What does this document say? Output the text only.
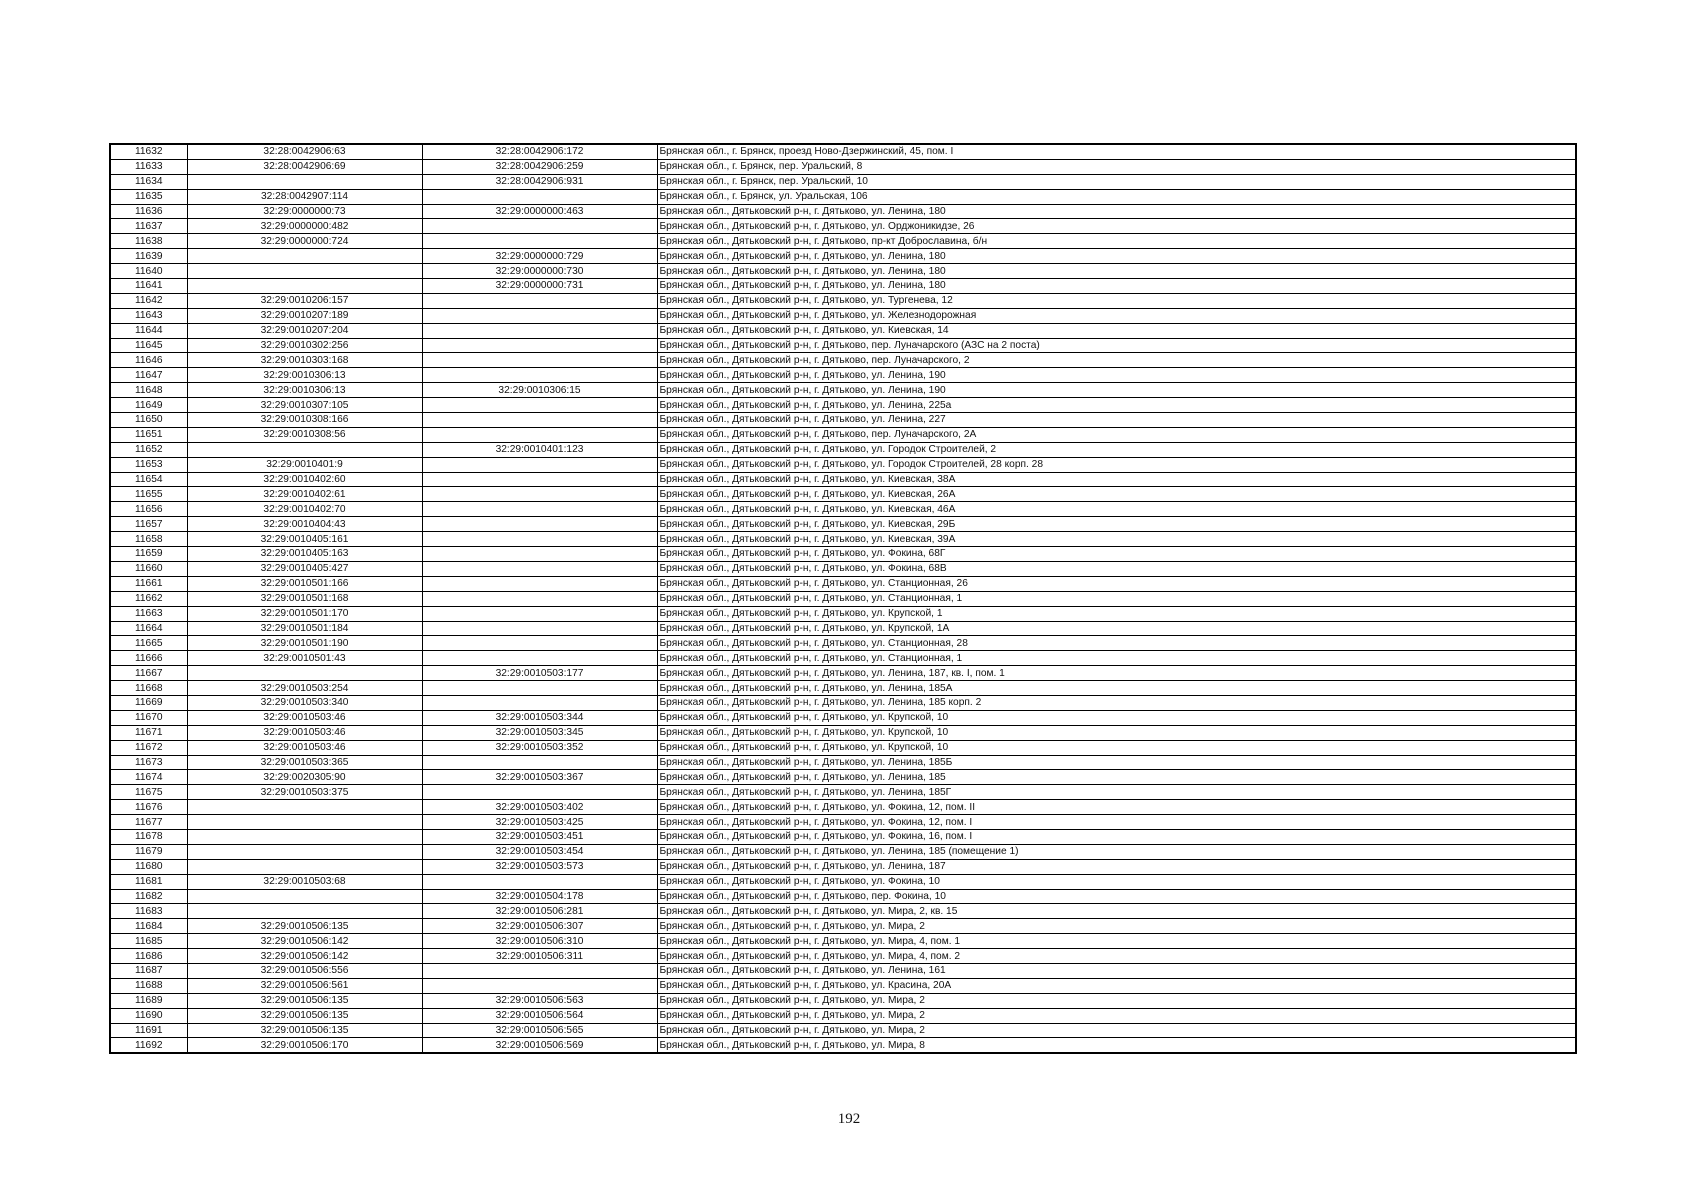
11632	32:28:0042906:63	32:28:0042906:172	Брянская обл., г. Брянск, проезд Ново-Дзержинский, 45, пом. I
11633	32:28:0042906:69	32:28:0042906:259	Брянская обл., г. Брянск, пер. Уральский, 8
11634		32:28:0042906:931	Брянская обл., г. Брянск, пер. Уральский, 10
11635	32:28:0042907:114		Брянская обл., г. Брянск, ул. Уральская, 106
11636	32:29:0000000:73	32:29:0000000:463	Брянская обл., Дятьковский р-н, г. Дятьково, ул. Ленина, 180
11637	32:29:0000000:482		Брянская обл., Дятьковский р-н, г. Дятьково, ул. Орджоникидзе, 26
11638	32:29:0000000:724		Брянская обл., Дятьковский р-н, г. Дятьково, пр-кт Доброславина, б/н
11639		32:29:0000000:729	Брянская обл., Дятьковский р-н, г. Дятьково, ул. Ленина, 180
11640		32:29:0000000:730	Брянская обл., Дятьковский р-н, г. Дятьково, ул. Ленина, 180
11641		32:29:0000000:731	Брянская обл., Дятьковский р-н, г. Дятьково, ул. Ленина, 180
11642	32:29:0010206:157		Брянская обл., Дятьковский р-н, г. Дятьково, ул. Тургенева, 12
11643	32:29:0010207:189		Брянская обл., Дятьковский р-н, г. Дятьково, ул. Железнодорожная
11644	32:29:0010207:204		Брянская обл., Дятьковский р-н, г. Дятьково, ул. Киевская, 14
11645	32:29:0010302:256		Брянская обл., Дятьковский р-н, г. Дятьково, пер. Луначарского (АЗС на 2 поста)
11646	32:29:0010303:168		Брянская обл., Дятьковский р-н, г. Дятьково, пер. Луначарского, 2
11647	32:29:0010306:13		Брянская обл., Дятьковский р-н, г. Дятьково, ул. Ленина, 190
11648	32:29:0010306:13	32:29:0010306:15	Брянская обл., Дятьковский р-н, г. Дятьково, ул. Ленина, 190
11649	32:29:0010307:105		Брянская обл., Дятьковский р-н, г. Дятьково, ул. Ленина, 225а
11650	32:29:0010308:166		Брянская обл., Дятьковский р-н, г. Дятьково, ул. Ленина, 227
11651	32:29:0010308:56		Брянская обл., Дятьковский р-н, г. Дятьково, пер. Луначарского, 2А
11652		32:29:0010401:123	Брянская обл., Дятьковский р-н, г. Дятьково, ул. Городок Строителей, 2
11653	32:29:0010401:9		Брянская обл., Дятьковский р-н, г. Дятьково, ул. Городок Строителей, 28 корп. 28
11654	32:29:0010402:60		Брянская обл., Дятьковский р-н, г. Дятьково, ул. Киевская, 38А
11655	32:29:0010402:61		Брянская обл., Дятьковский р-н, г. Дятьково, ул. Киевская, 26А
11656	32:29:0010402:70		Брянская обл., Дятьковский р-н, г. Дятьково, ул. Киевская, 46А
11657	32:29:0010404:43		Брянская обл., Дятьковский р-н, г. Дятьково, ул. Киевская, 29Б
11658	32:29:0010405:161		Брянская обл., Дятьковский р-н, г. Дятьково, ул. Киевская, 39А
11659	32:29:0010405:163		Брянская обл., Дятьковский р-н, г. Дятьково, ул. Фокина, 68Г
11660	32:29:0010405:427		Брянская обл., Дятьковский р-н, г. Дятьково, ул. Фокина, 68В
11661	32:29:0010501:166		Брянская обл., Дятьковский р-н, г. Дятьково, ул. Станционная, 26
11662	32:29:0010501:168		Брянская обл., Дятьковский р-н, г. Дятьково, ул. Станционная, 1
11663	32:29:0010501:170		Брянская обл., Дятьковский р-н, г. Дятьково, ул. Крупской, 1
11664	32:29:0010501:184		Брянская обл., Дятьковский р-н, г. Дятьково, ул. Крупской, 1А
11665	32:29:0010501:190		Брянская обл., Дятьковский р-н, г. Дятьково, ул. Станционная, 28
11666	32:29:0010501:43		Брянская обл., Дятьковский р-н, г. Дятьково, ул. Станционная, 1
11667		32:29:0010503:177	Брянская обл., Дятьковский р-н, г. Дятьково, ул. Ленина, 187, кв. I, пом. 1
11668	32:29:0010503:254		Брянская обл., Дятьковский р-н, г. Дятьково, ул. Ленина, 185А
11669	32:29:0010503:340		Брянская обл., Дятьковский р-н, г. Дятьково, ул. Ленина, 185 корп. 2
11670	32:29:0010503:46	32:29:0010503:344	Брянская обл., Дятьковский р-н, г. Дятьково, ул. Крупской, 10
11671	32:29:0010503:46	32:29:0010503:345	Брянская обл., Дятьковский р-н, г. Дятьково, ул. Крупской, 10
11672	32:29:0010503:46	32:29:0010503:352	Брянская обл., Дятьковский р-н, г. Дятьково, ул. Крупской, 10
11673	32:29:0010503:365		Брянская обл., Дятьковский р-н, г. Дятьково, ул. Ленина, 185Б
11674	32:29:0020305:90	32:29:0010503:367	Брянская обл., Дятьковский р-н, г. Дятьково, ул. Ленина, 185
11675	32:29:0010503:375		Брянская обл., Дятьковский р-н, г. Дятьково, ул. Ленина, 185Г
11676		32:29:0010503:402	Брянская обл., Дятьковский р-н, г. Дятьково, ул. Фокина, 12, пом. II
11677		32:29:0010503:425	Брянская обл., Дятьковский р-н, г. Дятьково, ул. Фокина, 12, пом. I
11678		32:29:0010503:451	Брянская обл., Дятьковский р-н, г. Дятьково, ул. Фокина, 16, пом. I
11679		32:29:0010503:454	Брянская обл., Дятьковский р-н, г. Дятьково, ул. Ленина, 185 (помещение 1)
11680		32:29:0010503:573	Брянская обл., Дятьковский р-н, г. Дятьково, ул. Ленина, 187
11681	32:29:0010503:68		Брянская обл., Дятьковский р-н, г. Дятьково, ул. Фокина, 10
11682		32:29:0010504:178	Брянская обл., Дятьковский р-н, г. Дятьково, пер. Фокина, 10
11683		32:29:0010506:281	Брянская обл., Дятьковский р-н, г. Дятьково, ул. Мира, 2, кв. 15
11684	32:29:0010506:135	32:29:0010506:307	Брянская обл., Дятьковский р-н, г. Дятьково, ул. Мира, 2
11685	32:29:0010506:142	32:29:0010506:310	Брянская обл., Дятьковский р-н, г. Дятьково, ул. Мира, 4, пом. 1
11686	32:29:0010506:142	32:29:0010506:311	Брянская обл., Дятьковский р-н, г. Дятьково, ул. Мира, 4, пом. 2
11687	32:29:0010506:556		Брянская обл., Дятьковский р-н, г. Дятьково, ул. Ленина, 161
11688	32:29:0010506:561		Брянская обл., Дятьковский р-н, г. Дятьково, ул. Красина, 20А
11689	32:29:0010506:135	32:29:0010506:563	Брянская обл., Дятьковский р-н, г. Дятьково, ул. Мира, 2
11690	32:29:0010506:135	32:29:0010506:564	Брянская обл., Дятьковский р-н, г. Дятьково, ул. Мира, 2
11691	32:29:0010506:135	32:29:0010506:565	Брянская обл., Дятьковский р-н, г. Дятьково, ул. Мира, 2
11692	32:29:0010506:170	32:29:0010506:569	Брянская обл., Дятьковский р-н, г. Дятьково, ул. Мира, 8
192
